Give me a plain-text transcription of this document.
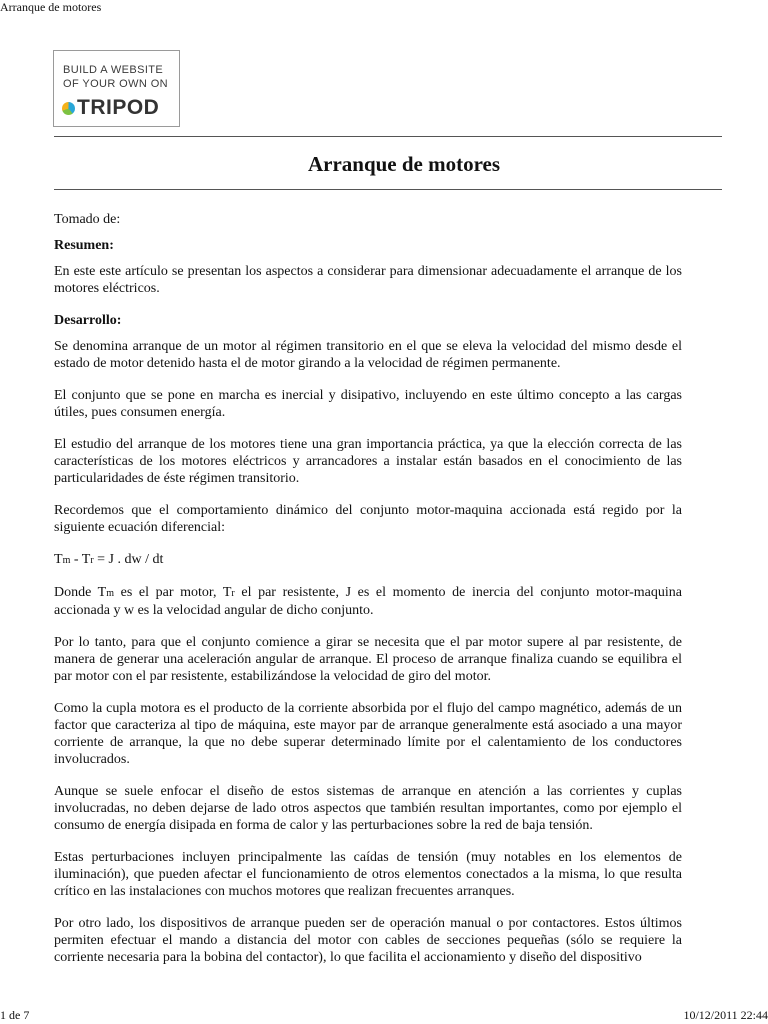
Arranque de motores
BUILD A WEBSITE
OF YOUR OWN ON
TRIPOD
Arranque de motores

Tomado de:

Resumen:

En este este artículo se presentan los aspectos a considerar para dimensionar adecuadamente el arranque de los motores eléctricos.

Desarrollo:

Se denomina arranque de un motor al régimen transitorio en el que se eleva la velocidad del mismo desde el estado de motor detenido hasta el de motor girando a la velocidad de régimen permanente.

El conjunto que se pone en marcha es inercial y disipativo, incluyendo en este último concepto a las cargas útiles, pues consumen energía.

El estudio del arranque de los motores tiene una gran importancia práctica, ya que la elección correcta de las características de los motores eléctricos y arrancadores a instalar están basados en el conocimiento de las particularidades de éste régimen transitorio.

Recordemos que el comportamiento dinámico del conjunto motor-maquina accionada está regido por la siguiente ecuación diferencial:

Tm - Tr = J . dw / dt

Donde Tm es el par motor, Tr el par resistente, J es el momento de inercia del conjunto motor-maquina accionada y w es la velocidad angular de dicho conjunto.

Por lo tanto, para que el conjunto comience a girar se necesita que el par motor supere al par resistente, de manera de generar una aceleración angular de arranque. El proceso de arranque finaliza cuando se equilibra el par motor con el par resistente, estabilizándose la velocidad de giro del motor.

Como la cupla motora es el producto de la corriente absorbida por el flujo del campo magnético, además de un factor que caracteriza al tipo de máquina, este mayor par de arranque generalmente está asociado a una mayor corriente de arranque, la que no debe superar determinado límite por el calentamiento de los conductores involucrados.

Aunque se suele enfocar el diseño de estos sistemas de arranque en atención a las corrientes y cuplas involucradas, no deben dejarse de lado otros aspectos que también resultan importantes, como por ejemplo el consumo de energía disipada en forma de calor y las perturbaciones sobre la red de baja tensión.

Estas perturbaciones incluyen principalmente las caídas de tensión (muy notables en los elementos de iluminación), que pueden afectar el funcionamiento de otros elementos conectados a la misma, lo que resulta crítico en las instalaciones con muchos motores que realizan frecuentes arranques.

Por otro lado, los dispositivos de arranque pueden ser de operación manual o por contactores. Estos últimos permiten efectuar el mando a distancia del motor con cables de secciones pequeñas (sólo se requiere la corriente necesaria para la bobina del contactor), lo que facilita el accionamiento y diseño del dispositivo

1 de 7	10/12/2011 22:44
